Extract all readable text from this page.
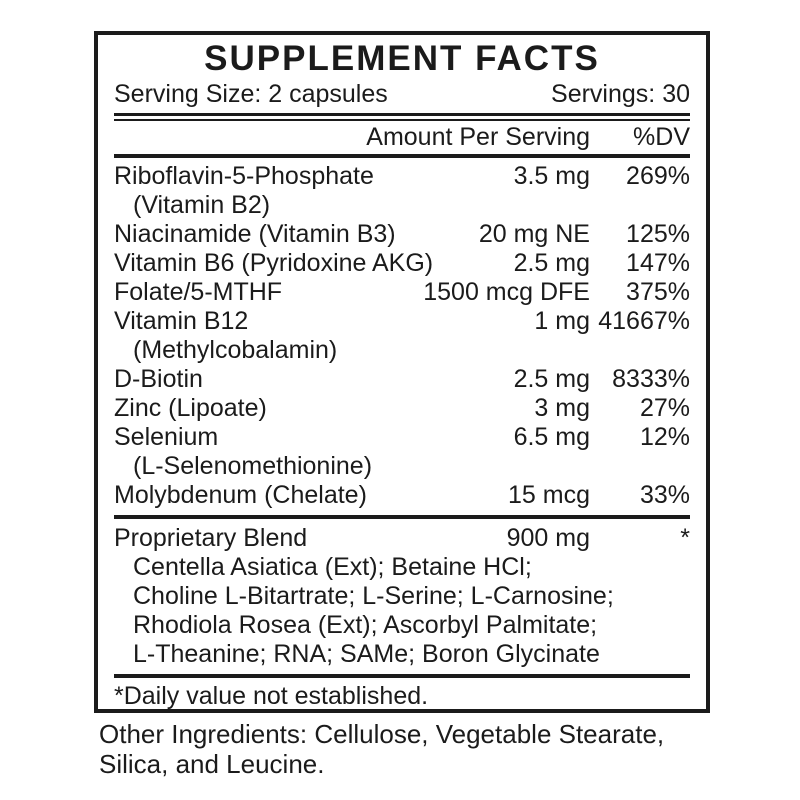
SUPPLEMENT FACTS
Serving Size: 2 capsules	Servings: 30
Amount Per Serving	%DV
Riboflavin-5-Phosphate	3.5 mg	269%
(Vitamin B2)
Niacinamide (Vitamin B3)	20 mg NE	125%
Vitamin B6 (Pyridoxine AKG)	2.5 mg	147%
Folate/5-MTHF	1500 mcg DFE	375%
Vitamin B12	1 mg 41667%
(Methylcobalamin)
D-Biotin	2.5 mg 8333%
Zinc (Lipoate)	3 mg	27%
Selenium	6.5 mg	12%
(L-Selenomethionine)
Molybdenum (Chelate)	15 mcg	33%
Proprietary Blend	900 mg	*
Centella Asiatica (Ext); Betaine HCl;
Choline L-Bitartrate; L-Serine; L-Carnosine;
Rhodiola Rosea (Ext); Ascorbyl Palmitate;
L-Theanine; RNA; SAMe; Boron Glycinate
*Daily value not established.
Other Ingredients: Cellulose, Vegetable Stearate,
Silica, and Leucine.
